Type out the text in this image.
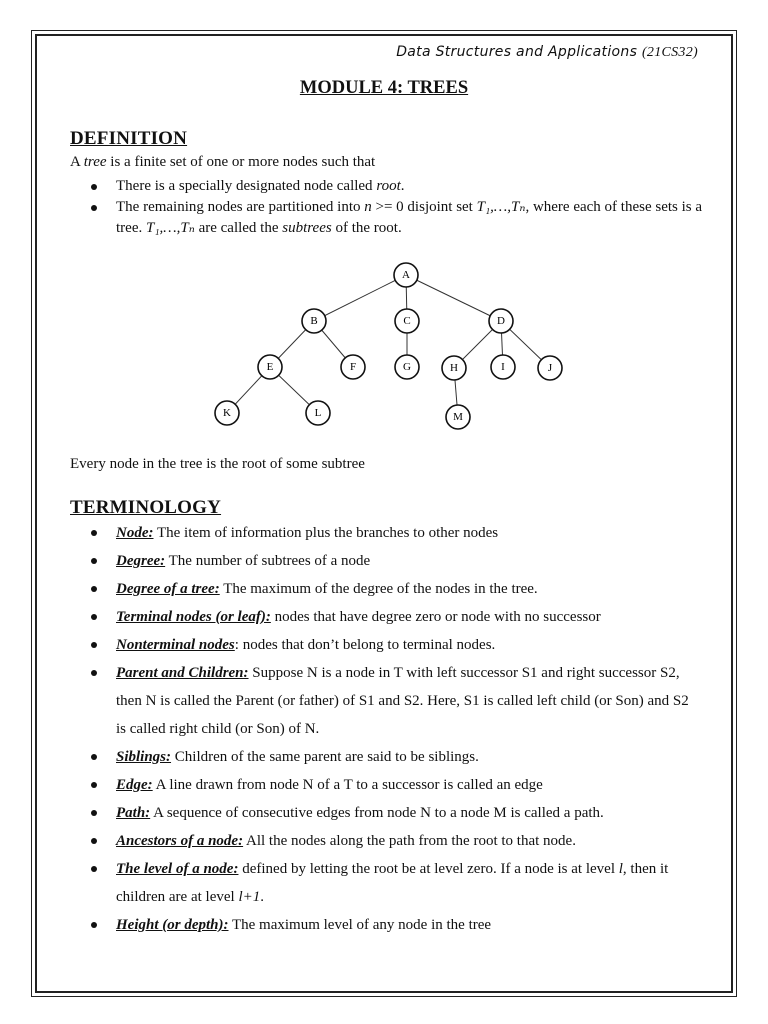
Data Structures and Applications (21CS32)
MODULE 4: TREES
DEFINITION
A tree is a finite set of one or more nodes such that
There is a specially designated node called root.
The remaining nodes are partitioned into n >= 0 disjoint set T₁,…,Tₙ, where each of these sets is a tree. T₁,…,Tₙ are called the subtrees of the root.
A
B	C	D
E	F	G	H	I	J
K	L	M
Every node in the tree is the root of some subtree
TERMINOLOGY
Node: The item of information plus the branches to other nodes
Degree: The number of subtrees of a node
Degree of a tree: The maximum of the degree of the nodes in the tree.
Terminal nodes (or leaf): nodes that have degree zero or node with no successor
Nonterminal nodes: nodes that don’t belong to terminal nodes.
Parent and Children: Suppose N is a node in T with left successor S1 and right successor S2, then N is called the Parent (or father) of S1 and S2. Here, S1 is called left child (or Son) and S2 is called right child (or Son) of N.
Siblings: Children of the same parent are said to be siblings.
Edge: A line drawn from node N of a T to a successor is called an edge
Path: A sequence of consecutive edges from node N to a node M is called a path.
Ancestors of a node: All the nodes along the path from the root to that node.
The level of a node: defined by letting the root be at level zero. If a node is at level l, then it children are at level l+1.
Height (or depth): The maximum level of any node in the tree
